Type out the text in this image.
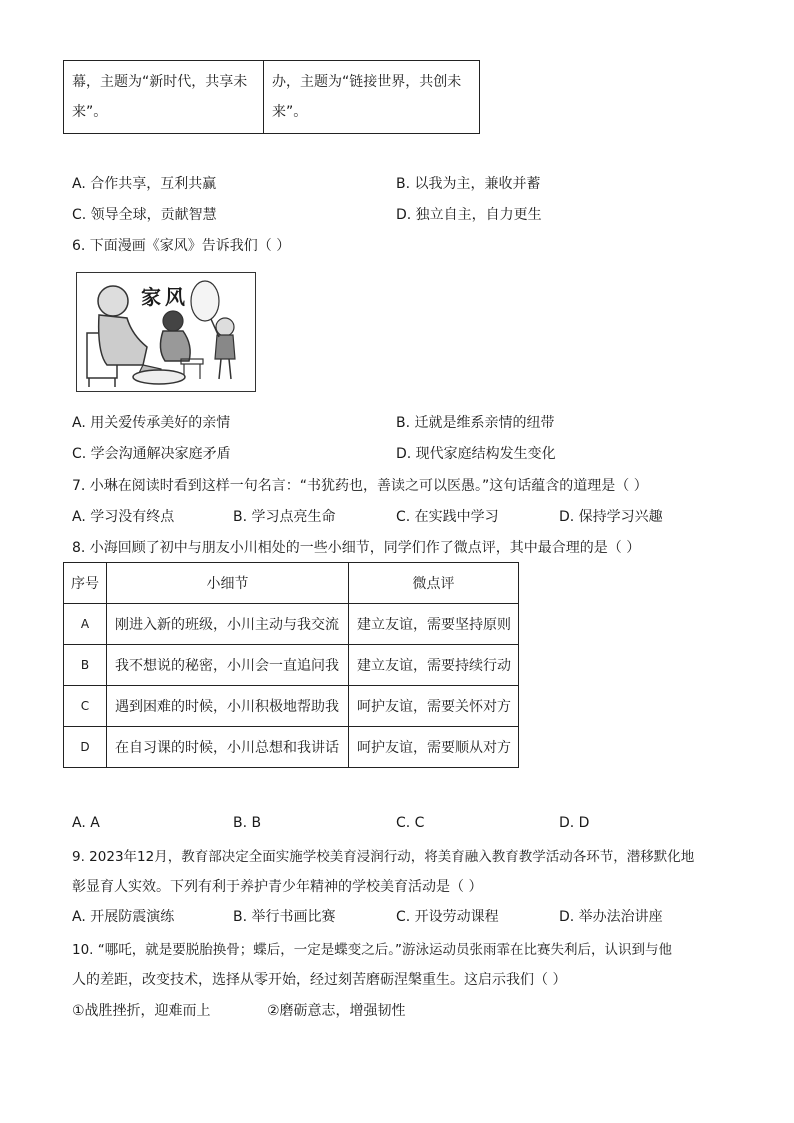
幕，主题为“新时代，共享未
来”。

办，主题为“链接世界，共创未
来”。
A. 合作共享，互利共赢	B. 以我为主，兼收并蓄
C. 领导全球，贡献智慧	D. 独立自主，自力更生
6. 下面漫画《家风》告诉我们（ ）
家风
A. 用关爱传承美好的亲情	B. 迁就是维系亲情的纽带
C. 学会沟通解决家庭矛盾	D. 现代家庭结构发生变化
7. 小琳在阅读时看到这样一句名言：“书犹药也，善读之可以医愚。”这句话蕴含的道理是（ ）
A. 学习没有终点	B. 学习点亮生命	C. 在实践中学习	D. 保持学习兴趣
8. 小海回顾了初中与朋友小川相处的一些小细节，同学们作了微点评，其中最合理的是（ ）
序号	小细节	微点评
A	刚进入新的班级，小川主动与我交流	建立友谊，需要坚持原则
B	我不想说的秘密，小川会一直追问我	建立友谊，需要持续行动
C	遇到困难的时候，小川积极地帮助我	呵护友谊，需要关怀对方
D	在自习课的时候，小川总想和我讲话	呵护友谊，需要顺从对方
A. A	B. B	C. C	D. D
9. 2023年12月，教育部决定全面实施学校美育浸润行动，将美育融入教育教学活动各环节，潜移默化地
彰显育人实效。下列有利于养护青少年精神的学校美育活动是（ ）
A. 开展防震演练	B. 举行书画比赛	C. 开设劳动课程	D. 举办法治讲座
10. “哪吒，就是要脱胎换骨；蝶后，一定是蝶变之后。”游泳运动员张雨霏在比赛失利后，认识到与他
人的差距，改变技术，选择从零开始，经过刻苦磨砺涅槃重生。这启示我们（ ）
①战胜挫折，迎难而上	②磨砺意志，增强韧性
